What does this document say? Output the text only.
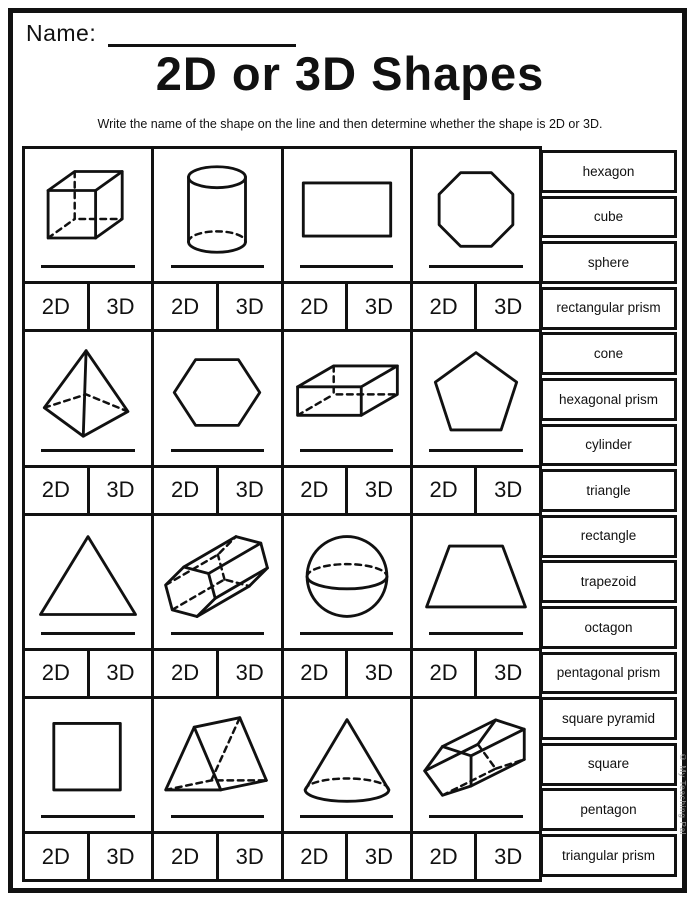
Name:
2D or 3D Shapes
Write the name of the shape on the line and then determine whether the shape is 2D or 3D.
2D	3D	2D	3D	2D	3D	2D	3D
2D	3D	2D	3D	2D	3D	2D	3D
2D	3D	2D	3D	2D	3D	2D	3D
2D	3D	2D	3D	2D	3D	2D	3D
hexagon
cube
sphere
rectangular prism
cone
hexagonal prism
cylinder
triangle
rectangle
trapezoid
octagon
pentagonal prism
square pyramid
square
pentagon
triangular prism
© My Teaching Pal
